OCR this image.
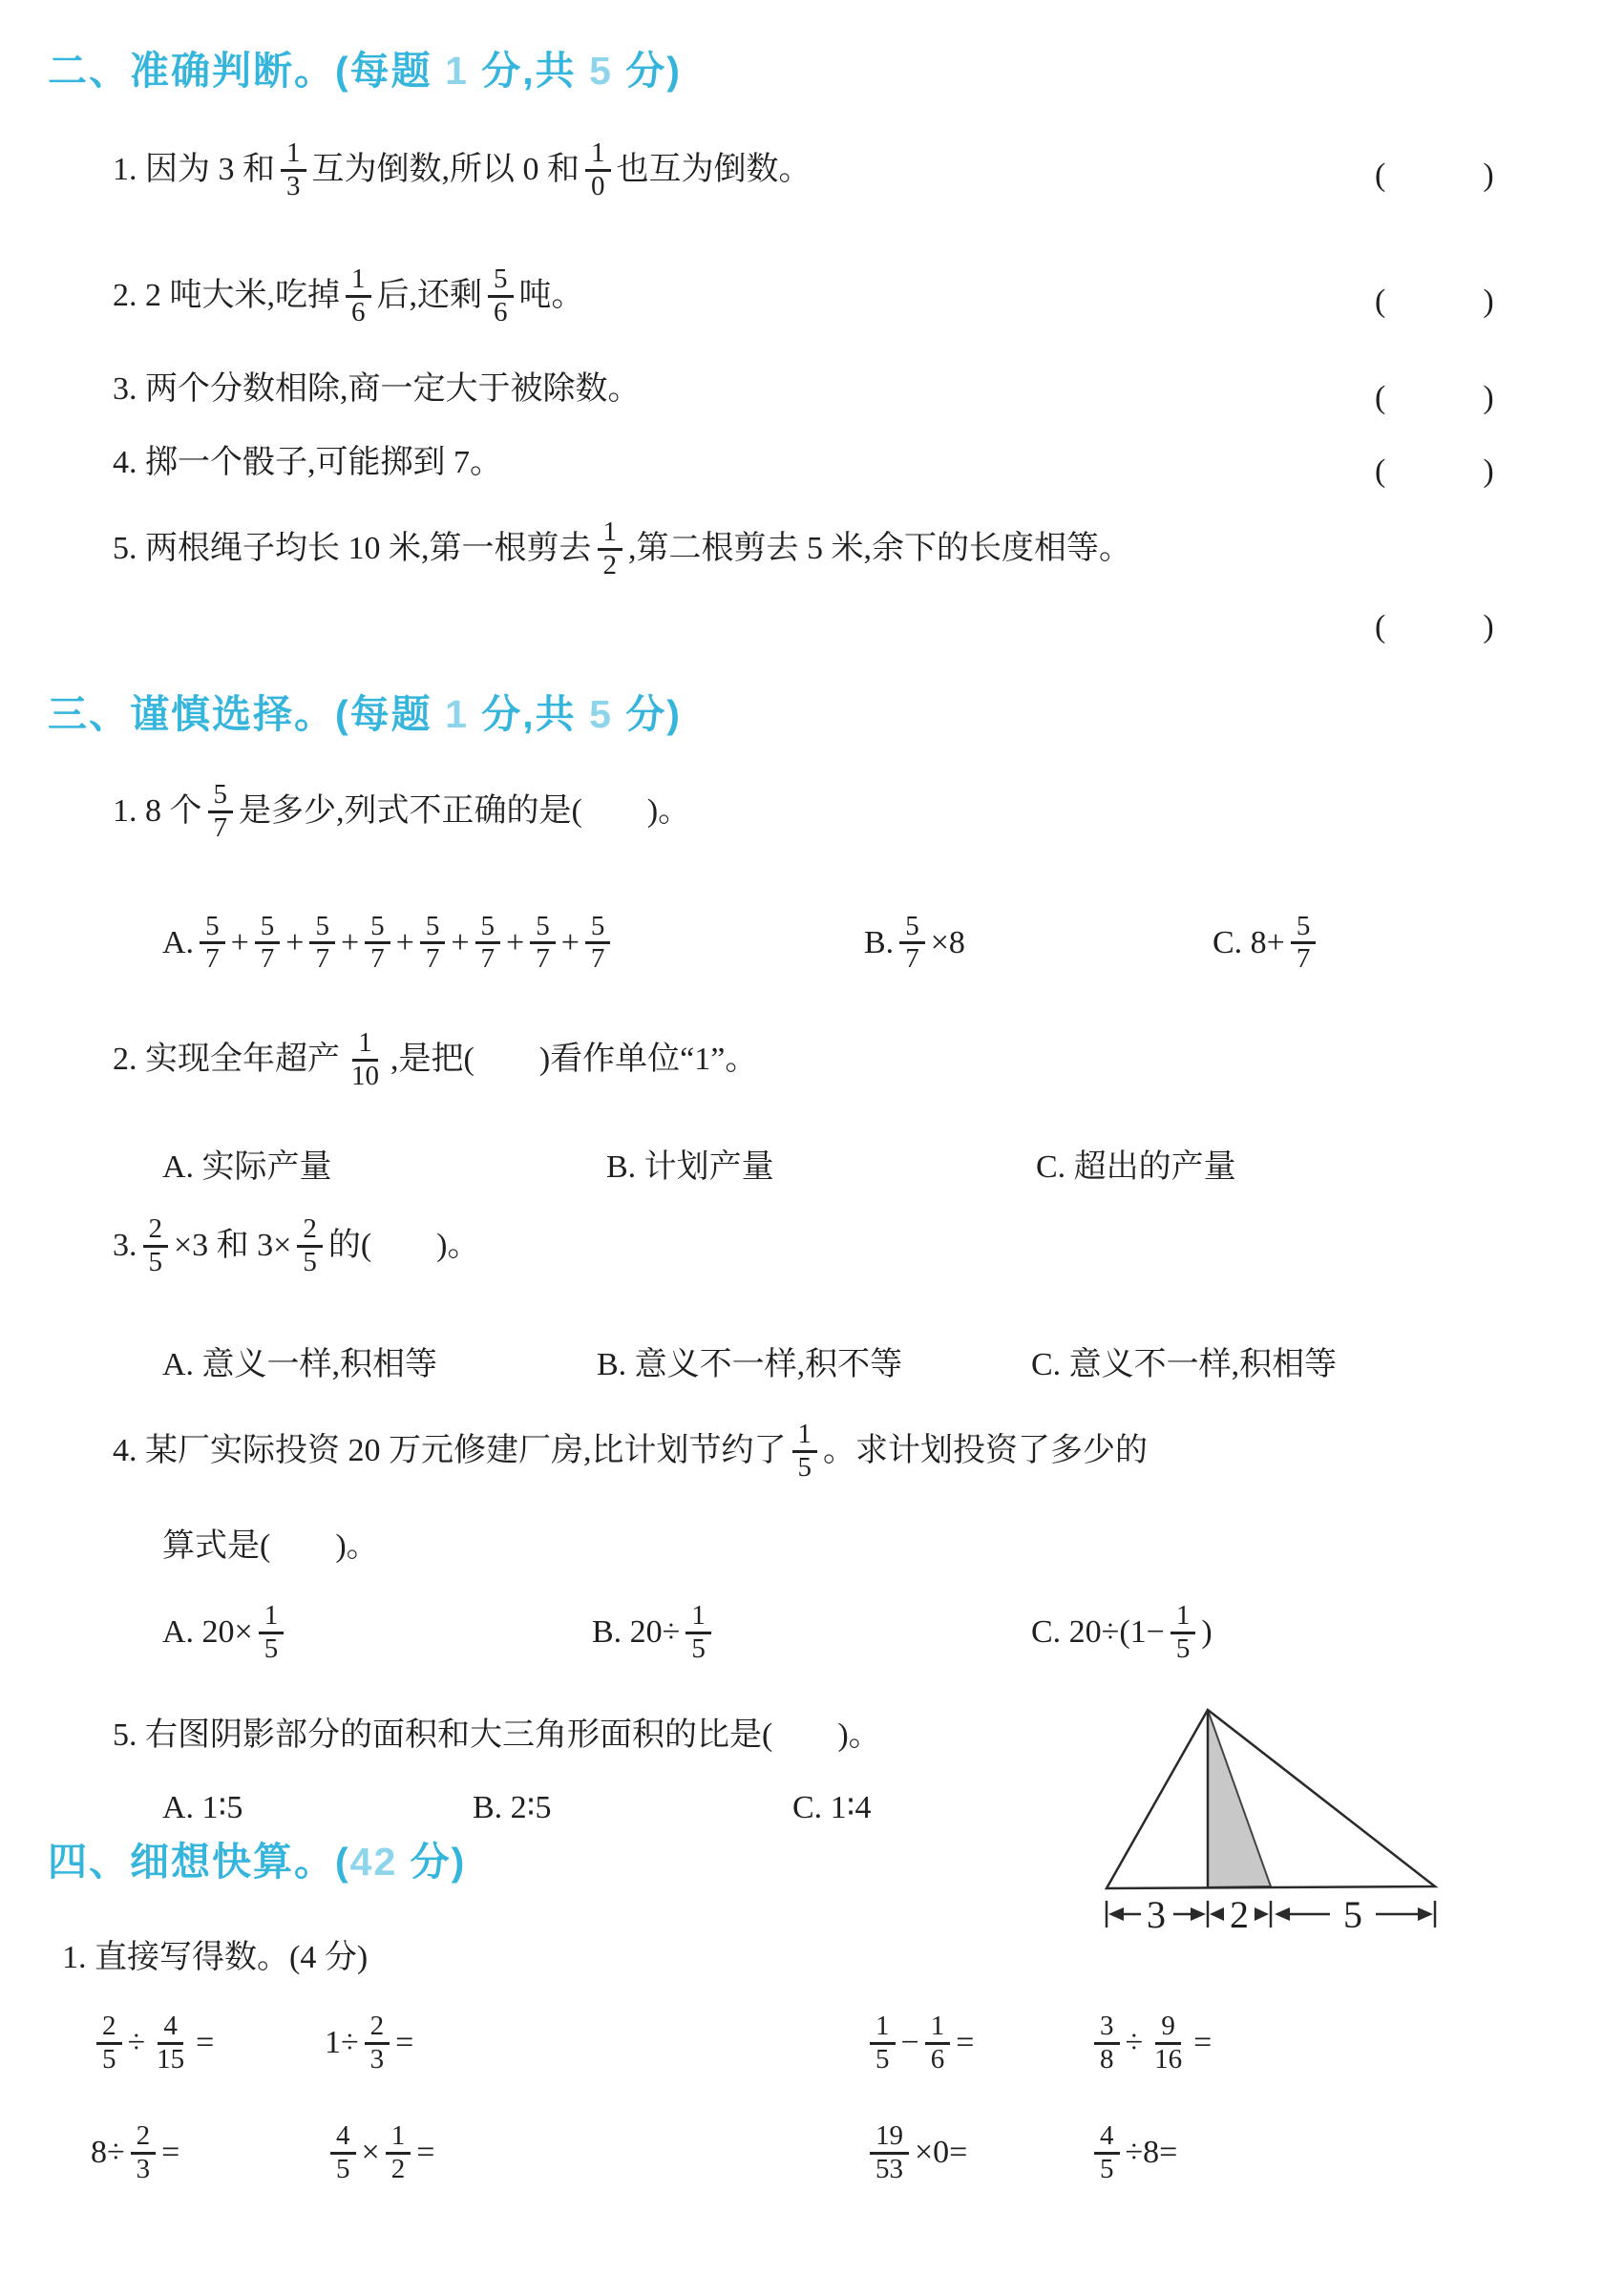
二、准确判断。( 每题 1 分,共 5 分)
1. 因为 3 和 $\frac{1}{3}$ 互为倒数,所以 0 和 $\frac{1}{0}$ 也互为倒数。	(　　　)
2. 2 吨大米,吃掉 $\frac{1}{6}$ 后,还剩 $\frac{5}{6}$ 吨。	(　　　)
3. 两个分数相除,商一定大于被除数。	(　　　)
4. 掷一个骰子,可能掷到 7。	(　　　)
5. 两根绳子均长 10 米,第一根剪去 $\frac{1}{2}$ ,第二根剪去 5 米,余下的长度相等。
(　　　)
三、谨慎选择。( 每题 1 分,共 5 分)
1. 8 个 $\frac{5}{7}$ 是多少,列式不正确的是(　　)。
A. $\frac{5}{7} + \frac{5}{7} + \frac{5}{7} + \frac{5}{7} + \frac{5}{7} + \frac{5}{7} + \frac{5}{7} + \frac{5}{7}$	B. $\frac{5}{7} \times 8$	C. $8+ \frac{5}{7}$
2. 实现全年超产 $\frac{1}{10}$ ,是把(　　)看作单位“1”。
A. 实际产量	B. 计划产量	C. 超出的产量
3. $\frac{2}{5} \times 3$ 和 $3\times \frac{2}{5}$ 的(　　)。
A. 意义一样,积相等	B. 意义不一样,积不等	C. 意义不一样,积相等
4. 某厂实际投资 20 万元修建厂房,比计划节约了 $\frac{1}{5}$ 。求计划投资了多少的
算式是(　　)。
A. $20\times \frac{1}{5}$	B. $20\div \frac{1}{5}$	C. $20\div(1- \frac{1}{5}$ )
5. 右图阴影部分的面积和大三角形面积的比是(　　)。
A. 1∶5	B. 2∶5	C. 1∶4
3 2 5
四、细想快算。( 42 分)
1. 直接写得数。(4 分)
$\frac{2}{5} \div \frac{4}{15}$ =	$1\div \frac{2}{3}$ =	$\frac{1}{5} - \frac{1}{6}$ =	$\frac{3}{8} \div \frac{9}{16}$ =
$8\div \frac{2}{3}$ =	$\frac{4}{5} \times \frac{1}{2}$ =	$\frac{19}{53} \times 0=$	$\frac{4}{5} \div 8=$
